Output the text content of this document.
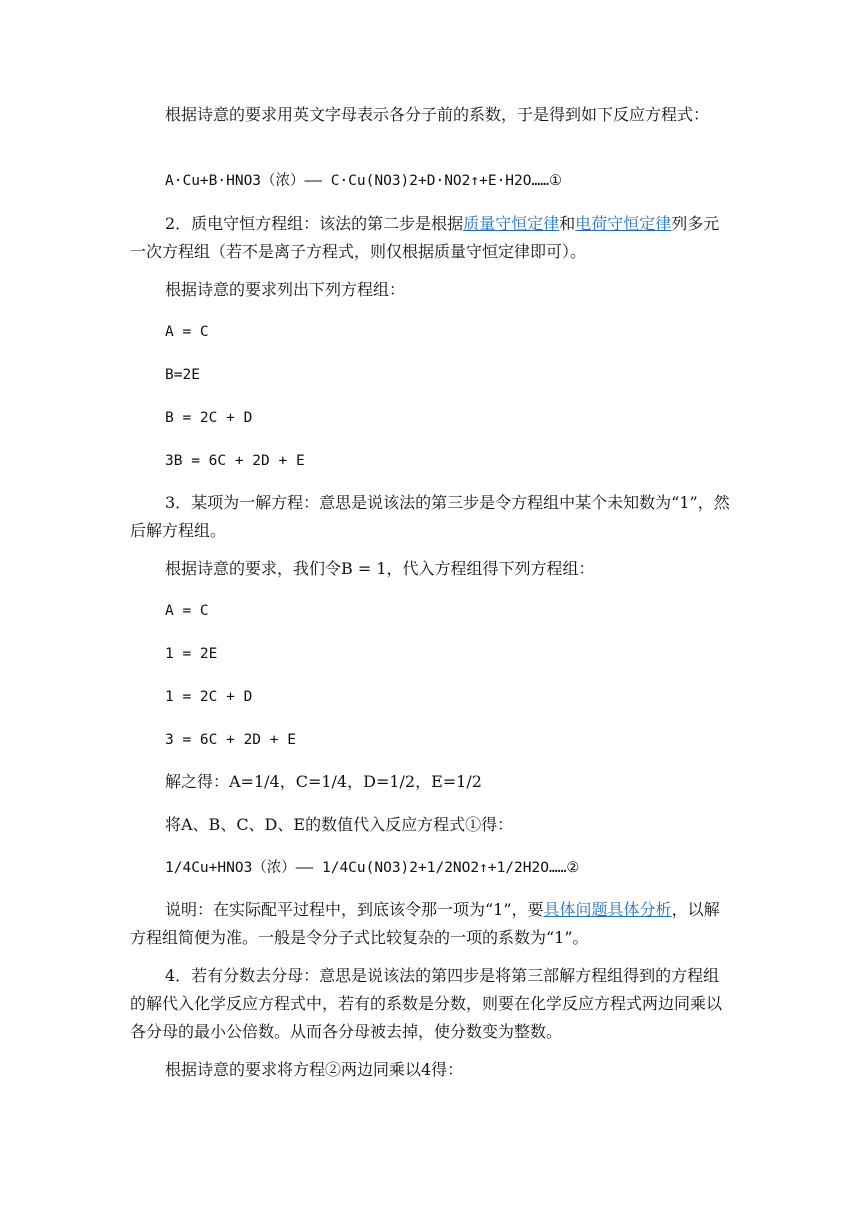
根据诗意的要求用英文字母表示各分子前的系数，于是得到如下反应方程式：

A·Cu+B·HNO3（浓）—— C·Cu(NO3)2+D·NO2↑+E·H2O……①

2．质电守恒方程组：该法的第二步是根据质量守恒定律和电荷守恒定律列多元一次方程组（若不是离子方程式，则仅根据质量守恒定律即可）。

根据诗意的要求列出下列方程组：

A = C

B=2E

B = 2C + D

3B = 6C + 2D + E

3．某项为一解方程：意思是说该法的第三步是令方程组中某个未知数为“1”，然后解方程组。

根据诗意的要求，我们令B = 1，代入方程组得下列方程组：

A = C

1 = 2E

1 = 2C + D

3 = 6C + 2D + E

解之得：A=1/4，C=1/4，D=1/2，E=1/2

将A、B、C、D、E的数值代入反应方程式①得：

1/4Cu+HNO3（浓）—— 1/4Cu(NO3)2+1/2NO2↑+1/2H2O……②

说明：在实际配平过程中，到底该令那一项为“1”，要具体问题具体分析，以解方程组简便为准。一般是令分子式比较复杂的一项的系数为“1”。

4．若有分数去分母：意思是说该法的第四步是将第三部解方程组得到的方程组的解代入化学反应方程式中，若有的系数是分数，则要在化学反应方程式两边同乘以各分母的最小公倍数。从而各分母被去掉，使分数变为整数。

根据诗意的要求将方程②两边同乘以4得：
